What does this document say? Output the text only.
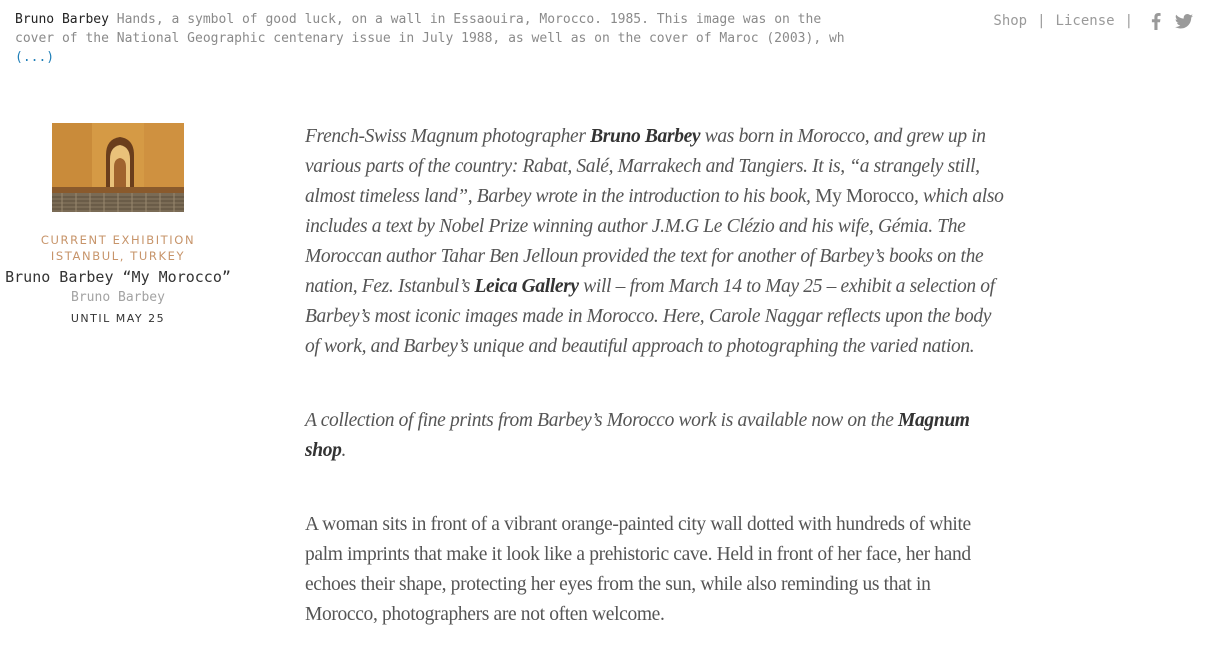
Bruno Barbey Hands, a symbol of good luck, on a wall in Essaouira, Morocco. 1985. This image was on the
cover of the National Geographic centenary issue in July 1988, as well as on the cover of Maroc (2003), wh
(...)
Shop | License |
CURRENT EXHIBITION
ISTANBUL, TURKEY
Bruno Barbey “My Morocco”
Bruno Barbey
UNTIL MAY 25

French-Swiss Magnum photographer Bruno Barbey was born in Morocco, and grew up in various parts of the country: Rabat, Salé, Marrakech and Tangiers. It is, “a strangely still, almost timeless land”, Barbey wrote in the introduction to his book, My Morocco, which also includes a text by Nobel Prize winning author J.M.G Le Clézio and his wife, Gémia. The Moroccan author Tahar Ben Jelloun provided the text for another of Barbey’s books on the nation, Fez. Istanbul’s Leica Gallery will – from March 14 to May 25 – exhibit a selection of Barbey’s most iconic images made in Morocco. Here, Carole Naggar reflects upon the body of work, and Barbey’s unique and beautiful approach to photographing the varied nation.

A collection of fine prints from Barbey’s Morocco work is available now on the Magnum shop.

A woman sits in front of a vibrant orange-painted city wall dotted with hundreds of white palm imprints that make it look like a prehistoric cave. Held in front of her face, her hand echoes their shape, protecting her eyes from the sun, while also reminding us that in Morocco, photographers are not often welcome.
